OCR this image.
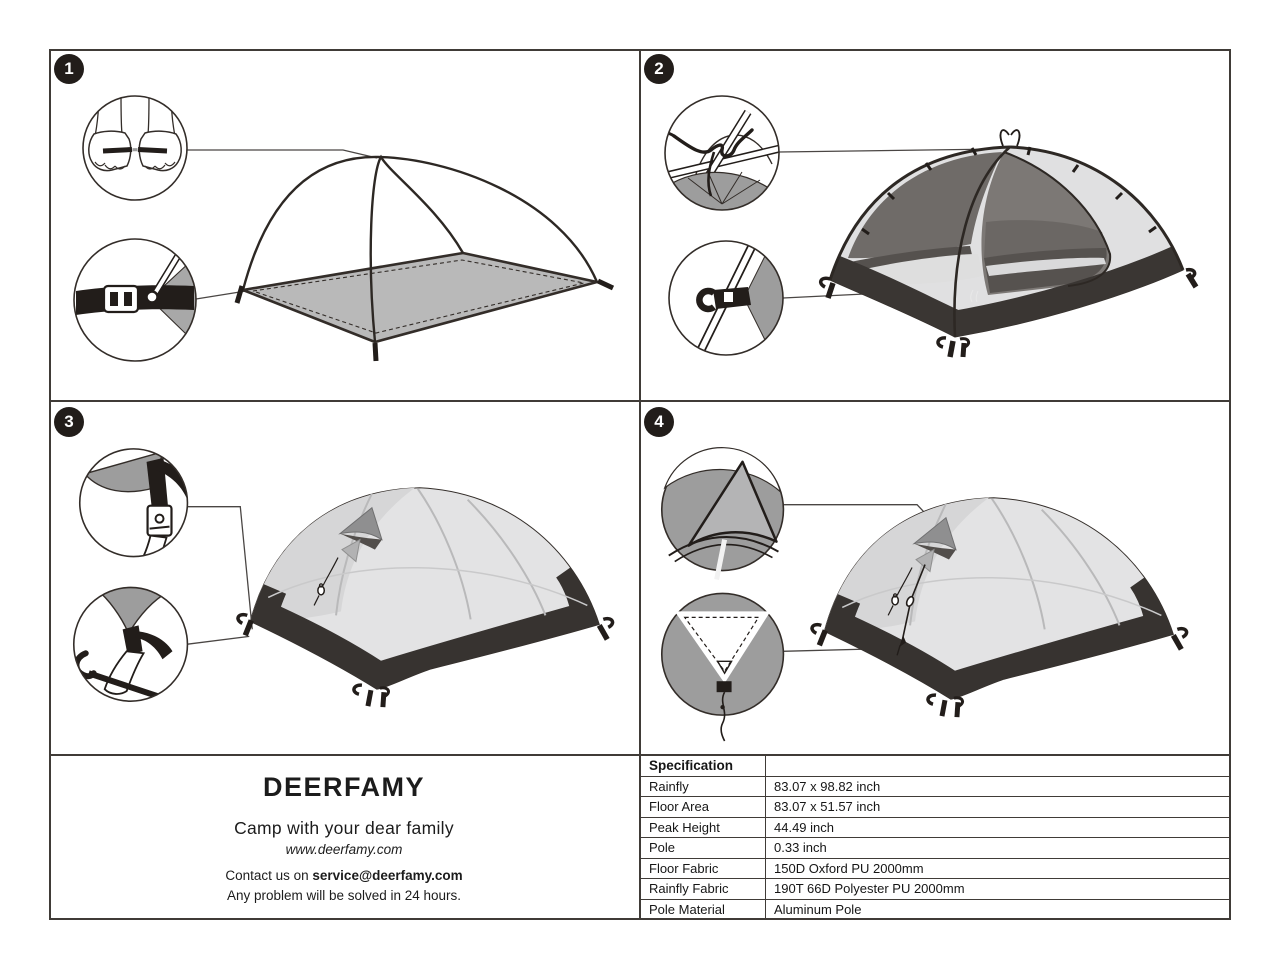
1	2
3	4
DEERFAMY
Camp with your dear family
www.deerfamy.com
Contact us on service@deerfamy.com
Any problem will be solved in 24 hours.
Specification	
Rainfly	83.07 x 98.82 inch
Floor Area	83.07 x 51.57 inch
Peak Height	44.49 inch
Pole	0.33 inch
Floor Fabric	150D Oxford PU 2000mm
Rainfly Fabric	190T 66D Polyester PU 2000mm
Pole Material	Aluminum Pole
